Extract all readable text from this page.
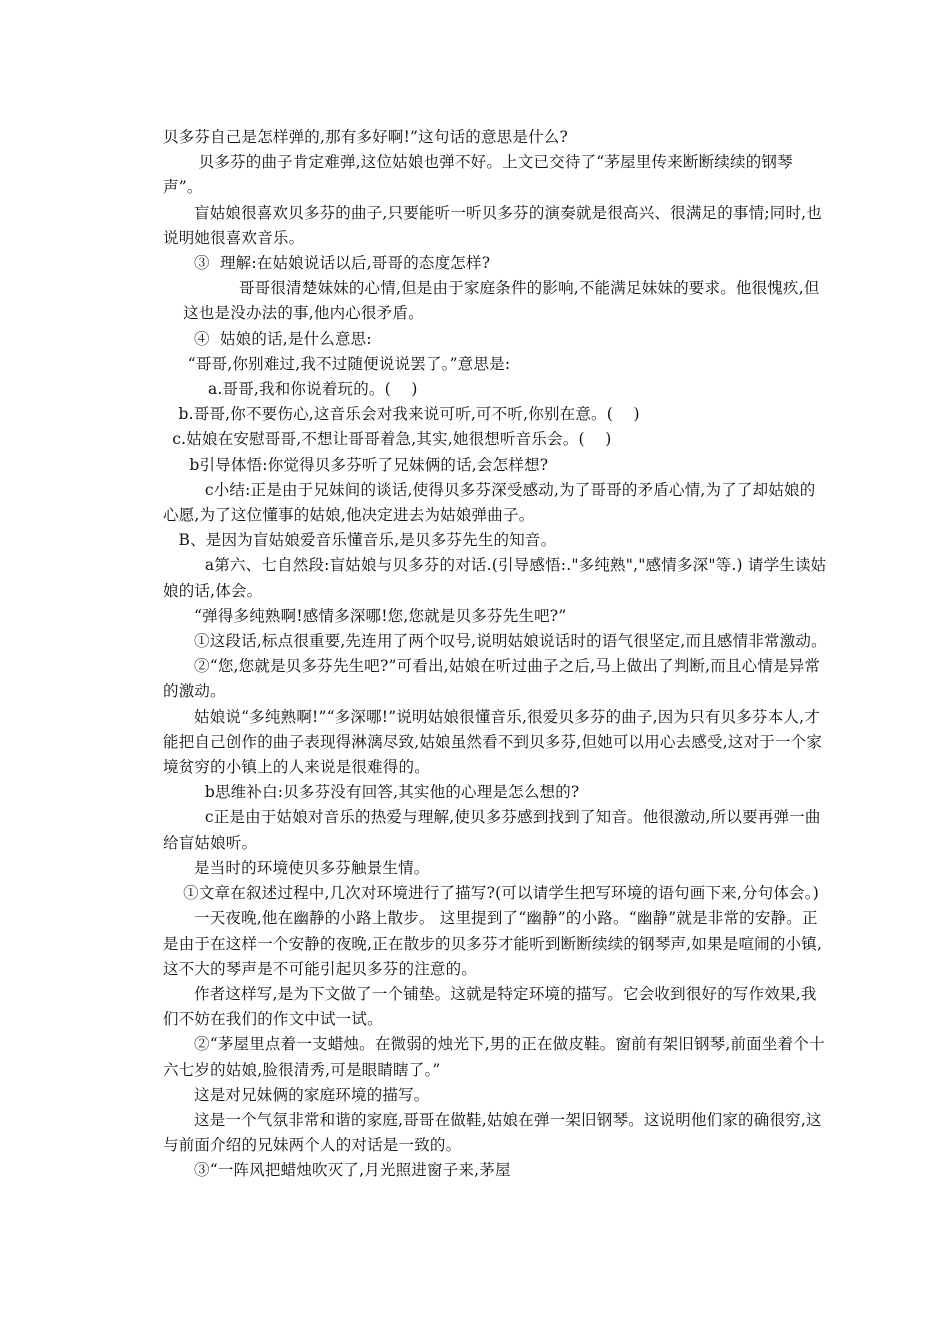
贝多芬自己是怎样弹的,那有多好啊!”这句话的意思是什么?

贝多芬的曲子肯定难弹,这位姑娘也弹不好。上文已交待了“茅屋里传来断断续续的钢琴声”。

盲姑娘很喜欢贝多芬的曲子,只要能听一听贝多芬的演奏就是很高兴、很满足的事情;同时,也说明她很喜欢音乐。

③  理解:在姑娘说话以后,哥哥的态度怎样?

哥哥很清楚妹妹的心情,但是由于家庭条件的影响,不能满足妹妹的要求。他很愧疚,但这也是没办法的事,他内心很矛盾。

④  姑娘的话,是什么意思:

“哥哥,你别难过,我不过随便说说罢了。”意思是:

a.哥哥,我和你说着玩的。(    )

b.哥哥,你不要伤心,这音乐会对我来说可听,可不听,你别在意。(    )

c.姑娘在安慰哥哥,不想让哥哥着急,其实,她很想听音乐会。(    )

b引导体悟:你觉得贝多芬听了兄妹俩的话,会怎样想?

c小结:正是由于兄妹间的谈话,使得贝多芬深受感动,为了哥哥的矛盾心情,为了了却姑娘的心愿,为了这位懂事的姑娘,他决定进去为姑娘弹曲子。

B、是因为盲姑娘爱音乐懂音乐,是贝多芬先生的知音。

a第六、七自然段:盲姑娘与贝多芬的对话.(引导感悟:."多纯熟","感情多深"等.) 请学生读姑娘的话,体会。

“弹得多纯熟啊!感情多深哪!您,您就是贝多芬先生吧?”

①这段话,标点很重要,先连用了两个叹号,说明姑娘说话时的语气很坚定,而且感情非常激动。

②“您,您就是贝多芬先生吧?”可看出,姑娘在听过曲子之后,马上做出了判断,而且心情是异常的激动。

姑娘说“多纯熟啊!”“多深哪!”说明姑娘很懂音乐,很爱贝多芬的曲子,因为只有贝多芬本人,才能把自己创作的曲子表现得淋漓尽致,姑娘虽然看不到贝多芬,但她可以用心去感受,这对于一个家境贫穷的小镇上的人来说是很难得的。

b思维补白:贝多芬没有回答,其实他的心理是怎么想的?

c正是由于姑娘对音乐的热爱与理解,使贝多芬感到找到了知音。他很激动,所以要再弹一曲给盲姑娘听。

是当时的环境使贝多芬触景生情。

①文章在叙述过程中,几次对环境进行了描写?(可以请学生把写环境的语句画下来,分句体会。)

一天夜晚,他在幽静的小路上散步。 这里提到了“幽静”的小路。“幽静”就是非常的安静。正是由于在这样一个安静的夜晚,正在散步的贝多芬才能听到断断续续的钢琴声,如果是喧闹的小镇,这不大的琴声是不可能引起贝多芬的注意的。

作者这样写,是为下文做了一个铺垫。这就是特定环境的描写。它会收到很好的写作效果,我们不妨在我们的作文中试一试。

②“茅屋里点着一支蜡烛。在微弱的烛光下,男的正在做皮鞋。窗前有架旧钢琴,前面坐着个十六七岁的姑娘,脸很清秀,可是眼睛瞎了。”

这是对兄妹俩的家庭环境的描写。

这是一个气氛非常和谐的家庭,哥哥在做鞋,姑娘在弹一架旧钢琴。这说明他们家的确很穷,这与前面介绍的兄妹两个人的对话是一致的。

③“一阵风把蜡烛吹灭了,月光照进窗子来,茅屋
